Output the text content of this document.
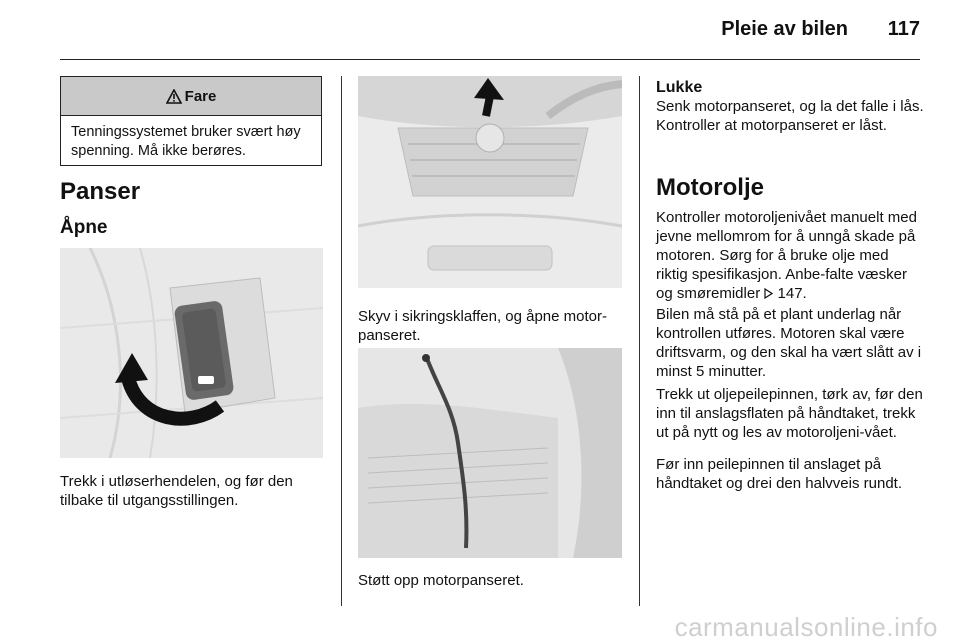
Pleie av bilen 117
Fare
Tenningssystemet bruker svært høy spenning. Må ikke berøres.
Panser
Åpne
Trekk i utløserhendelen, og før den tilbake til utgangsstillingen.
Skyv i sikringsklaffen, og åpne motor-panseret.
Støtt opp motorpanseret.
Lukke
Senk motorpanseret, og la det falle i lås. Kontroller at motorpanseret er låst.
Motorolje
Kontroller motoroljenivået manuelt med jevne mellomrom for å unngå skade på motoren. Sørg for å bruke olje med riktig spesifikasjon. Anbe-falte væsker og smøremidler 147.
Bilen må stå på et plant underlag når kontrollen utføres. Motoren skal være driftsvarm, og den skal ha vært slått av i minst 5 minutter.
Trekk ut oljepeilepinnen, tørk av, før den inn til anslagsflaten på håndtaket, trekk ut på nytt og les av motoroljeni-vået.
Før inn peilepinnen til anslaget på håndtaket og drei den halvveis rundt.
carmanualsonline.info
